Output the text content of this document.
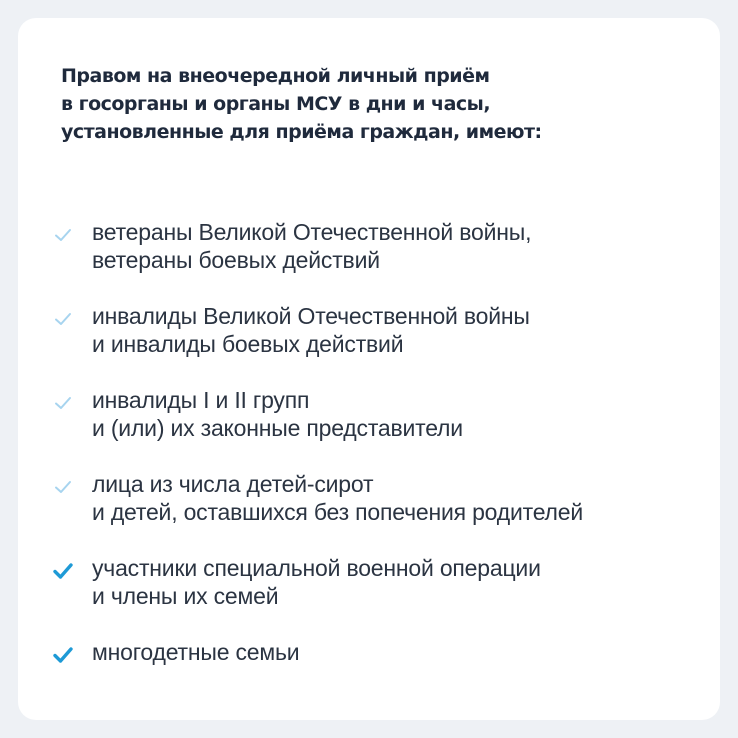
Правом на внеочередной личный приём
в госорганы и органы МСУ в дни и часы,
установленные для приёма граждан, имеют:
ветераны Великой Отечественной войны,
ветераны боевых действий
инвалиды Великой Отечественной войны
и инвалиды боевых действий
инвалиды I и II групп
и (или) их законные представители
лица из числа детей-сирот
и детей, оставшихся без попечения родителей
участники специальной военной операции
и члены их семей
многодетные семьи
